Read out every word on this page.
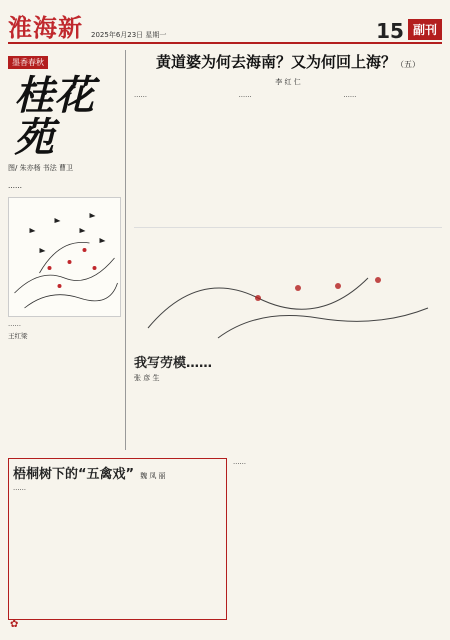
淮海新 2025年6月23日 星期一	15 副刊
墨香春秋
桂花苑
图/ 朱亦杨 书法 曹卫
……
……
王红梁
黄道婆为何去海南？又为何回上海？（五）
李 红 仁
……	……	……
我写劳模……
张 彦 生
梧桐树下的“五禽戏” 魏 凤 丽
……
……
✿
